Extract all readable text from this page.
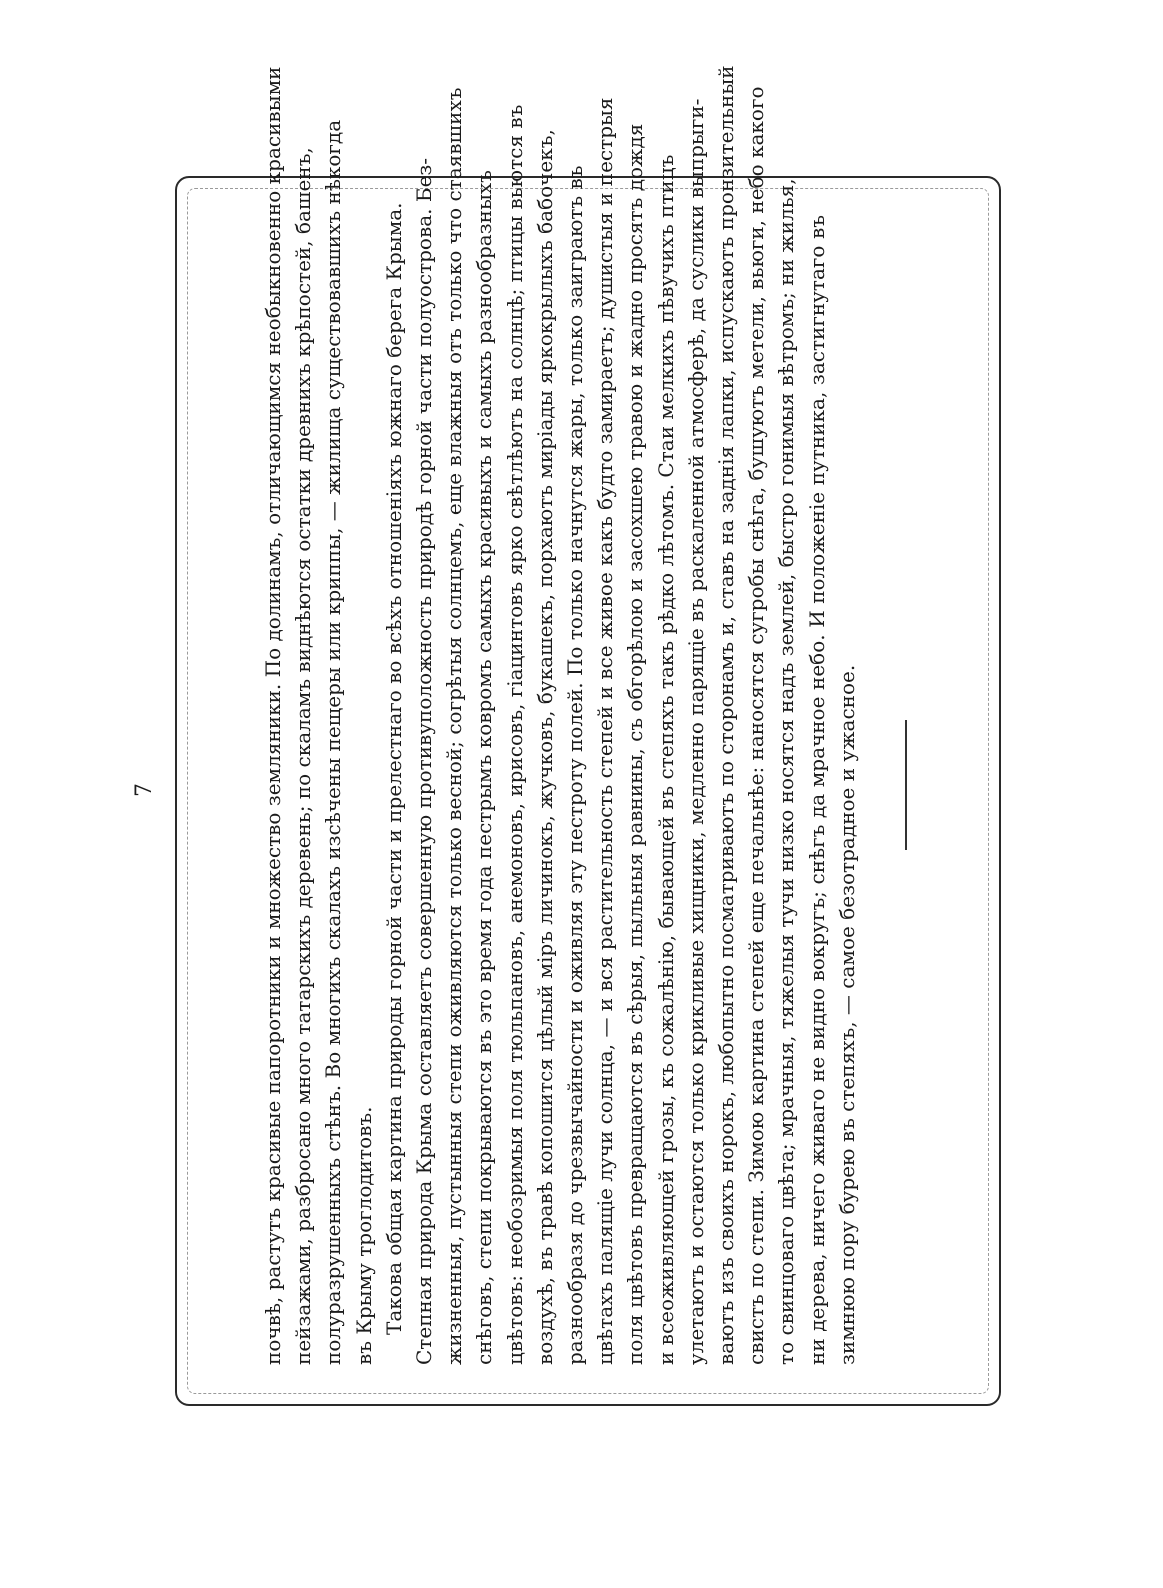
7	почвѣ, растутъ красивые папоротники и множество земляники. По долинамъ, отличающимся необыкновенно красивыми пейзажами, разбросано много татарскихъ деревень; по скаламъ виднѣются остатки древнихъ крѣпостей, башенъ, полуразрушенныхъ стѣнъ. Во многихъ скалахъ изсѣчены пещеры или криппы, — жилища существовавшихъ нѣкогда въ Крыму троглодитовъ. Такова общая картина природы горной части и прелестнаго во всѣхъ отношеніяхъ южнаго берега Крыма. Степная природа Крыма составляетъ совершенную противуположность природѣ горной части полуострова. Без- жизненныя, пустынныя степи оживляются только весной; согрѣтыя солнцемъ, еще влажныя отъ только что стаявшихъ снѣговъ, степи покрываются въ это время года пестрымъ ковромъ самыхъ красивыхъ и самыхъ разнообразныхъ цвѣтовъ: необозримыя поля тюльпановъ, анемоновъ, ирисовъ, гіацинтовъ ярко свѣтлѣютъ на солнцѣ; птицы вьются въ воздухѣ, въ травѣ копошится цѣлый міръ личинокъ, жучковъ, букашекъ, порхаютъ миріады яркокрылыхъ бабочекъ, разнообразя до чрезвычайности и оживляя эту пестроту полей. По только начнутся жары, только заиграютъ въ цвѣтахъ палящіе лучи солнца, — и вся растительность степей и все живое какъ будто замираетъ; душистыя и пестрыя поля цвѣтовъ превращаются въ сѣрыя, пыльныя равнины, съ обгорѣлою и засохшею травою и жадно просятъ дождя и всеоживляющей грозы, къ сожалѣнію, бывающей въ степяхъ такъ рѣдко лѣтомъ. Стаи мелкихъ пѣвучихъ птицъ улетаютъ и остаются только крикливые хищники, медленно парящіе въ раскаленной атмосферѣ, да суслики выпрыги- ваютъ изъ своихъ норокъ, любопытно посматриваютъ по сторонамъ и, ставъ на заднія лапки, испускаютъ пронзительный свистъ по степи. Зимою картина степей еще печальнѣе: наносятся сугробы снѣга, бушуютъ метели, вьюги, небо какого то свинцоваго цвѣта; мрачныя, тяжелыя тучи низко носятся надъ землей, быстро гонимыя вѣтромъ; ни жилья, ни дерева, ничего живаго не видно вокругъ; снѣгъ да мрачное небо. И положеніе путника, застигнутаго въ зимнюю пору бурею въ степяхъ, — самое безотрадное и ужасное.
